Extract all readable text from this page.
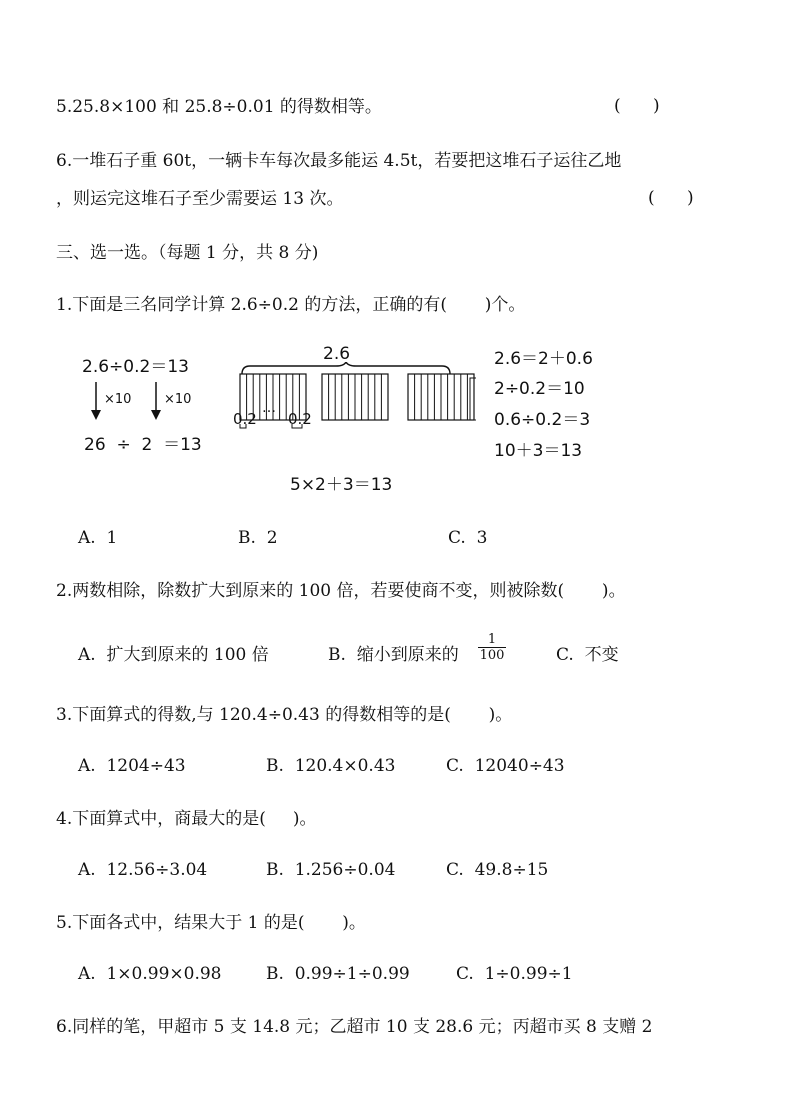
5.25.8×100 和 25.8÷0.01 的得数相等。	(      )
6.一堆石子重 60t，一辆卡车每次最多能运 4.5t，若要把这堆石子运往乙地
，则运完这堆石子至少需要运 13 次。	(      )
三、选一选。（每题 1 分，共 8 分)
1.下面是三名同学计算 2.6÷0.2 的方法，正确的有(       )个。
2.6÷0.2＝13
×10	×10
26  ÷  2  ＝13
2.6
0.2
…
0.2
5×2＋3＝13
2.6＝2＋0.6
2÷0.2＝10
0.6÷0.2＝3
10＋3＝13
A.  1	B.  2	C.  3
2.两数相除，除数扩大到原来的 100 倍，若要使商不变，则被除数(       )。
A.  扩大到原来的 100 倍	B.  缩小到原来的 $\frac{1}{100}$	C.  不变
3.下面算式的得数,与 120.4÷0.43 的得数相等的是(       )。
A.  1204÷43	B.  120.4×0.43	C.  12040÷43
4.下面算式中，商最大的是(     )。
A.  12.56÷3.04	B.  1.256÷0.04	C.  49.8÷15
5.下面各式中，结果大于 1 的是(       )。
A.  1×0.99×0.98	B.  0.99÷1÷0.99	C.  1÷0.99÷1
6.同样的笔，甲超市 5 支 14.8 元；乙超市 10 支 28.6 元；丙超市买 8 支赠 2
